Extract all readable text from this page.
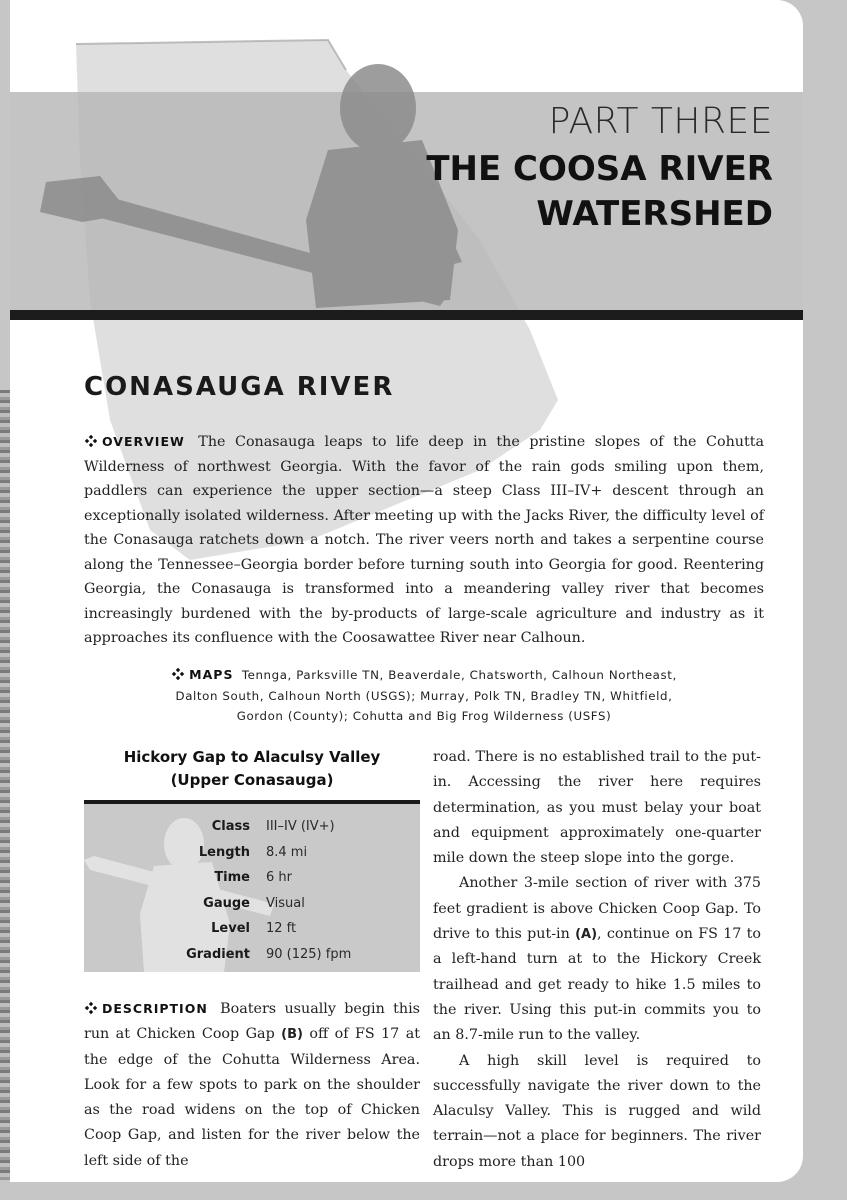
PART THREE
THE COOSA RIVER
WATERSHED
CONASAUGA RIVER
OVERVIEW The Conasauga leaps to life deep in the pristine slopes of the Cohutta Wilderness of northwest Georgia. With the favor of the rain gods smiling upon them, paddlers can experience the upper section—a steep Class III–IV+ descent through an exceptionally isolated wilderness. After meeting up with the Jacks River, the difficulty level of the Conasauga ratchets down a notch. The river veers north and takes a serpentine course along the Tennessee–Georgia border before turning south into Georgia for good. Reentering Georgia, the Conasauga is transformed into a meandering valley river that becomes increasingly burdened with the by-products of large-scale agriculture and industry as it approaches its confluence with the Coosawattee River near Calhoun.
MAPS Tennga, Parksville TN, Beaverdale, Chatsworth, Calhoun Northeast,
Dalton South, Calhoun North (USGS); Murray, Polk TN, Bradley TN, Whitfield,
Gordon (County); Cohutta and Big Frog Wilderness (USFS)
Hickory Gap to Alaculsy Valley
(Upper Conasauga)
Class	III–IV (IV+)
Length	8.4 mi
Time	6 hr
Gauge	Visual
Level	12 ft
Gradient	90 (125) fpm
DESCRIPTION Boaters usually begin this run at Chicken Coop Gap (B) off of FS 17 at the edge of the Cohutta Wilderness Area. Look for a few spots to park on the shoulder as the road widens on the top of Chicken Coop Gap, and listen for the river below the left side of the

road. There is no established trail to the put-in. Accessing the river here requires determination, as you must belay your boat and equipment approximately one-quarter mile down the steep slope into the gorge.

Another 3-mile section of river with 375 feet gradient is above Chicken Coop Gap. To drive to this put-in (A), continue on FS 17 to a left-hand turn at to the Hickory Creek trailhead and get ready to hike 1.5 miles to the river. Using this put-in commits you to an 8.7-mile run to the valley.

A high skill level is required to successfully navigate the river down to the Alaculsy Valley. This is rugged and wild terrain—not a place for beginners. The river drops more than 100
